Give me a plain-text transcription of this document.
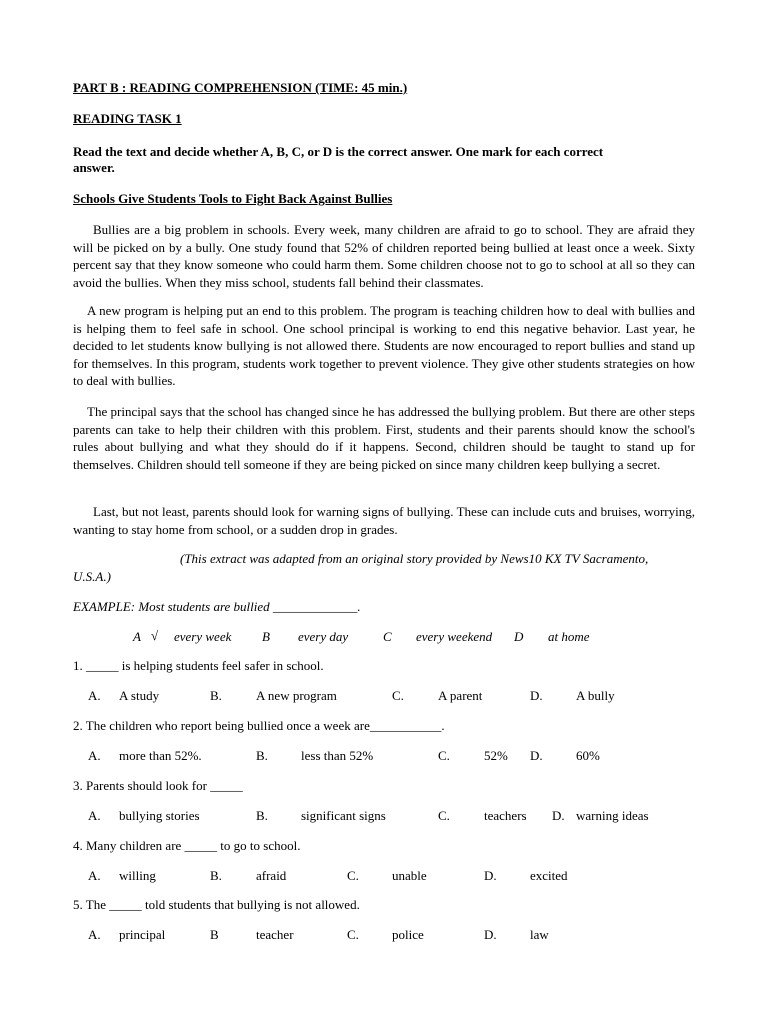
PART B : READING COMPREHENSION (TIME: 45 min.)
READING TASK 1
Read the text and decide whether A, B, C, or D is the correct answer. One mark for each correct
answer.
Schools Give Students Tools to Fight Back Against Bullies

Bullies are a big problem in schools. Every week, many children are afraid to go to school. They are afraid they will be picked on by a bully. One study found that 52% of children reported being bullied at least once a week. Sixty percent say that they know someone who could harm them. Some children choose not to go to school at all so they can avoid the bullies. When they miss school, students fall behind their classmates.

A new program is helping put an end to this problem. The program is teaching children how to deal with bullies and is helping them to feel safe in school. One school principal is working to end this negative behavior. Last year, he decided to let students know bullying is not allowed there. Students are now encouraged to report bullies and stand up for themselves. In this program, students work together to prevent violence. They give other students strategies on how to deal with bullies.

The principal says that the school has changed since he has addressed the bullying problem. But there are other steps parents can take to help their children with this problem. First, students and their parents should know the school's rules about bullying and what they should do if it happens. Second, children should be taught to stand up for themselves. Children should tell someone if they are being picked on since many children keep bullying a secret.

Last, but not least, parents should look for warning signs of bullying. These can include cuts and bruises, worrying, wanting to stay home from school, or a sudden drop in grades.

(This extract was adapted from an original story provided by News10 KX TV Sacramento,
U.S.A.)
EXAMPLE: Most students are bullied _____________.
A √ every week B every day	C every weekend D at home
1. _____ is helping students feel safer in school.
A. A study	B.	A new program	C.	A parent	D.	A bully
2. The children who report being bullied once a week are___________.
A. more than 52%.	B.	less than 52%	C.	52% D.	60%
3. Parents should look for _____
A. bullying stories	B.	significant signs	C.	teachers D. warning ideas
4. Many children are _____ to go to school.
A. willing	B.	afraid	C.	unable	D.	excited
5. The _____ told students that bullying is not allowed.
A. principal	B	teacher	C.	police	D.	law
